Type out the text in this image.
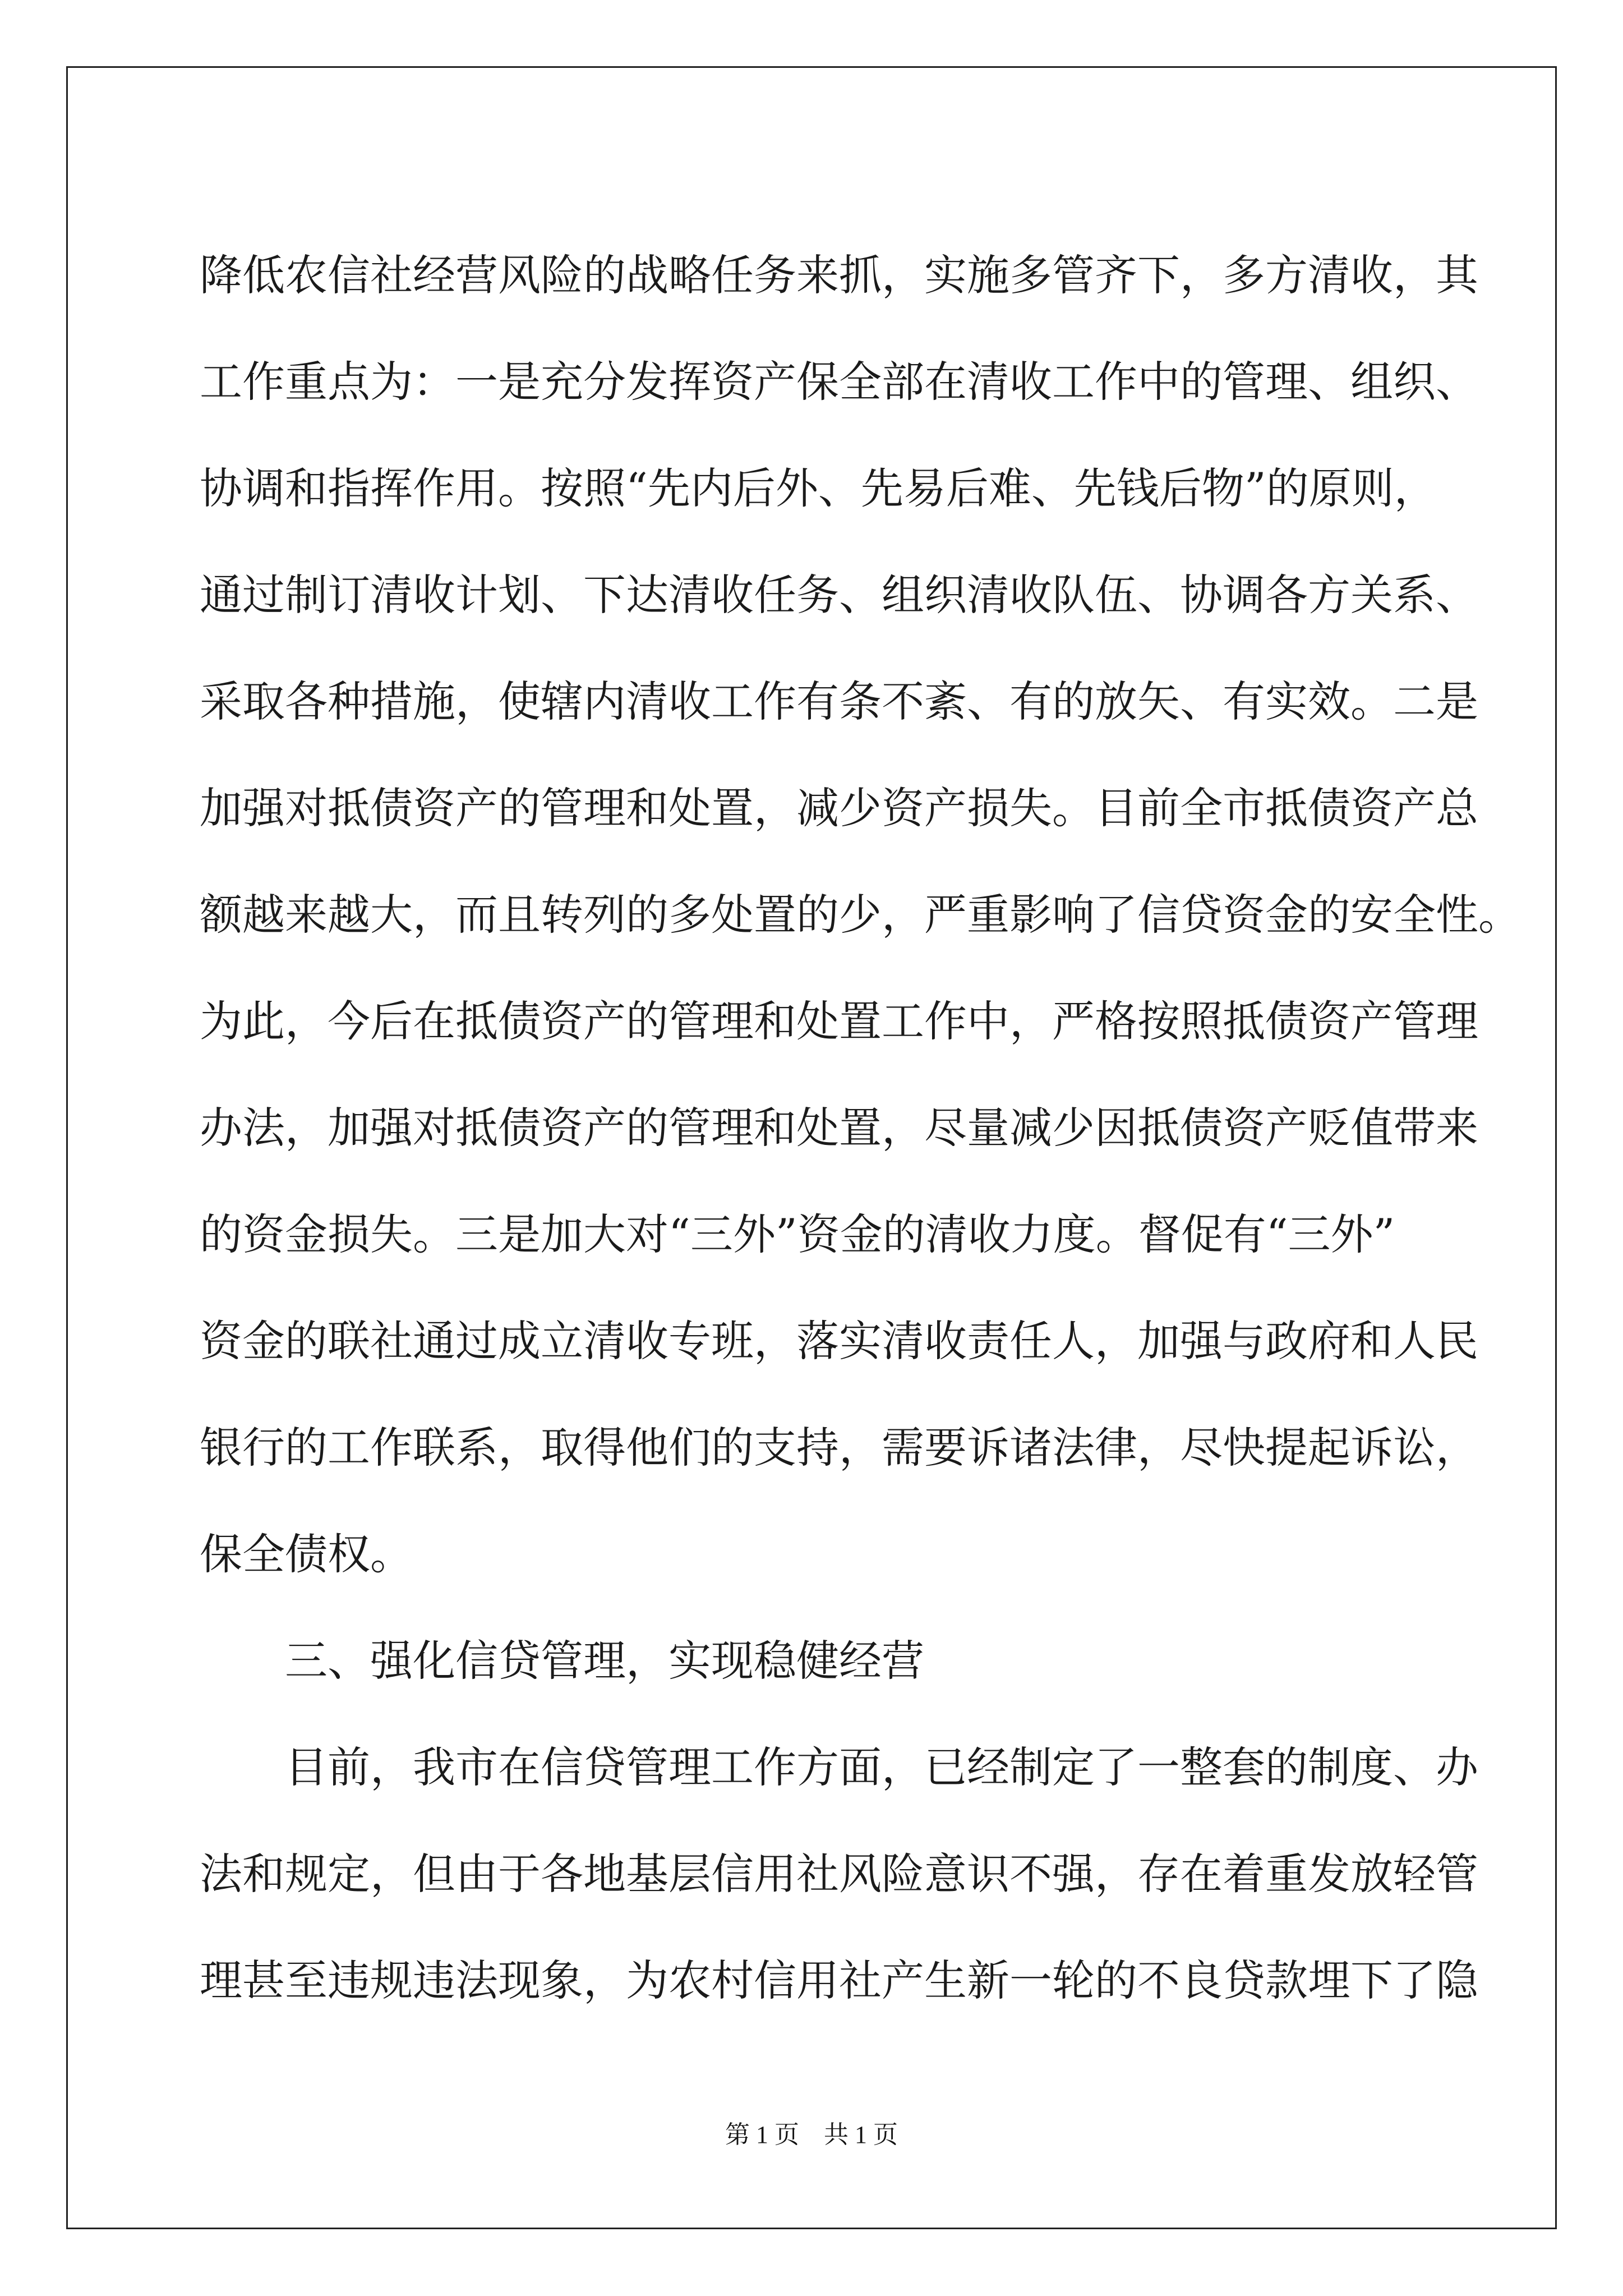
降低农信社经营风险的战略任务来抓，实施多管齐下，多方清收，其
工作重点为：一是充分发挥资产保全部在清收工作中的管理、组织、
协调和指挥作用。按照“先内后外、先易后难、先钱后物”的原则，
通过制订清收计划、下达清收任务、组织清收队伍、协调各方关系、
采取各种措施，使辖内清收工作有条不紊、有的放矢、有实效。二是
加强对抵债资产的管理和处置，减少资产损失。目前全市抵债资产总
额越来越大，而且转列的多处置的少，严重影响了信贷资金的安全性。
为此，今后在抵债资产的管理和处置工作中，严格按照抵债资产管理
办法，加强对抵债资产的管理和处置，尽量减少因抵债资产贬值带来
的资金损失。三是加大对“三外”资金的清收力度。督促有“三外”
资金的联社通过成立清收专班，落实清收责任人，加强与政府和人民
银行的工作联系，取得他们的支持，需要诉诸法律，尽快提起诉讼，
保全债权。
三、强化信贷管理，实现稳健经营
目前，我市在信贷管理工作方面，已经制定了一整套的制度、办
法和规定，但由于各地基层信用社风险意识不强，存在着重发放轻管
理甚至违规违法现象，为农村信用社产生新一轮的不良贷款埋下了隐
第 1 页　共 1 页
